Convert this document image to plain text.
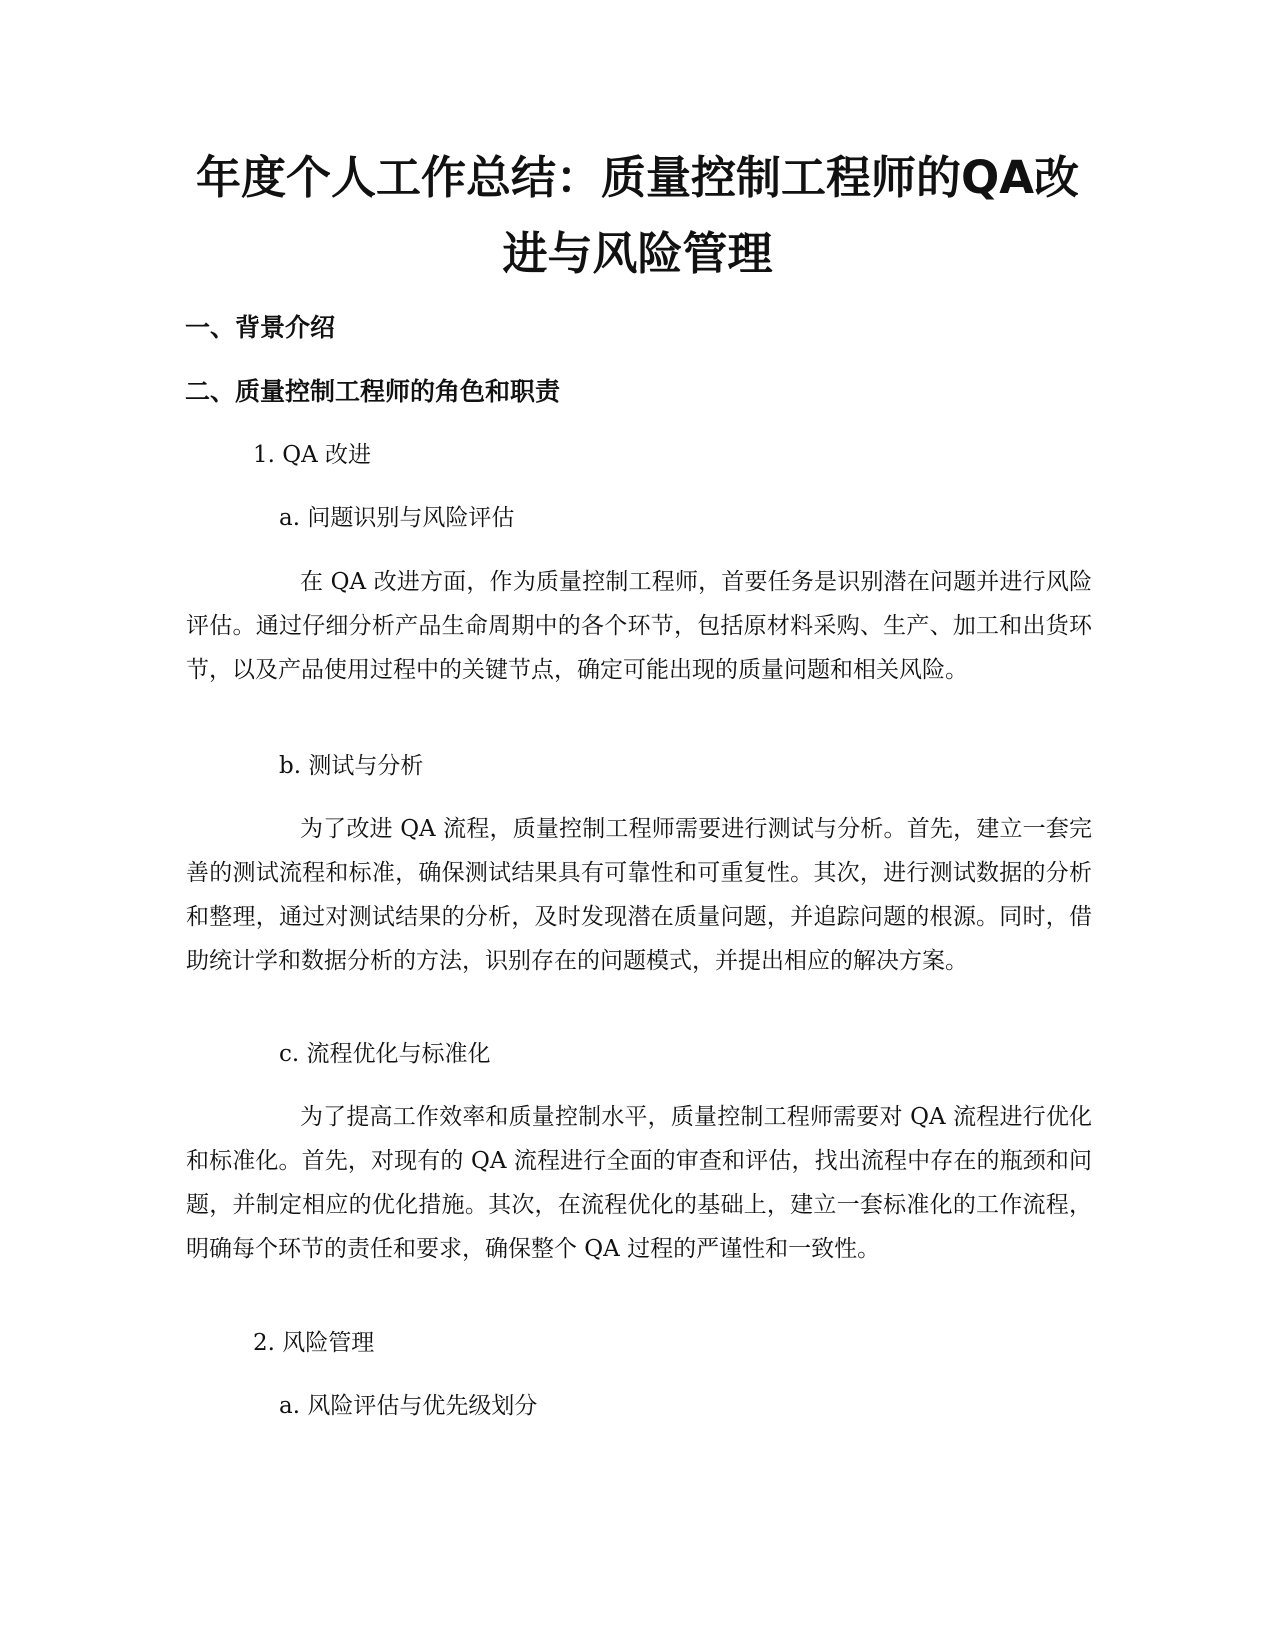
年度个人工作总结：质量控制工程师的QA改进与风险管理
一、背景介绍
二、质量控制工程师的角色和职责

1. QA 改进

a. 问题识别与风险评估

在 QA 改进方面，作为质量控制工程师，首要任务是识别潜在问题并进行风险评估。通过仔细分析产品生命周期中的各个环节，包括原材料采购、生产、加工和出货环节，以及产品使用过程中的关键节点，确定可能出现的质量问题和相关风险。

b. 测试与分析

为了改进 QA 流程，质量控制工程师需要进行测试与分析。首先，建立一套完善的测试流程和标准，确保测试结果具有可靠性和可重复性。其次，进行测试数据的分析和整理，通过对测试结果的分析，及时发现潜在质量问题，并追踪问题的根源。同时，借助统计学和数据分析的方法，识别存在的问题模式，并提出相应的解决方案。

c. 流程优化与标准化

为了提高工作效率和质量控制水平，质量控制工程师需要对 QA 流程进行优化和标准化。首先，对现有的 QA 流程进行全面的审查和评估，找出流程中存在的瓶颈和问题，并制定相应的优化措施。其次，在流程优化的基础上，建立一套标准化的工作流程，明确每个环节的责任和要求，确保整个 QA 过程的严谨性和一致性。

2. 风险管理

a. 风险评估与优先级划分
